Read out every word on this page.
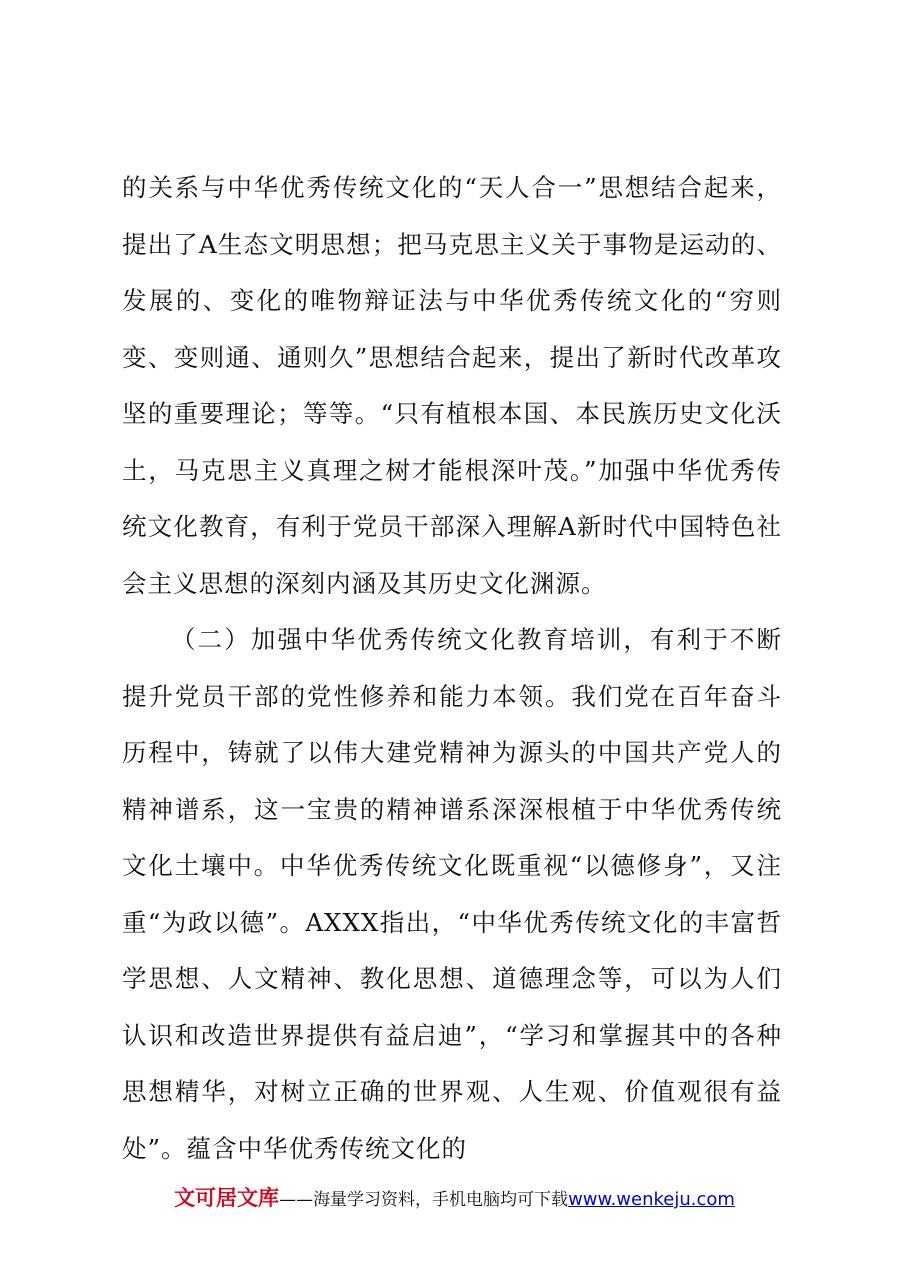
的关系与中华优秀传统文化的“天人合一”思想结合起来，提出了A生态文明思想；把马克思主义关于事物是运动的、发展的、变化的唯物辩证法与中华优秀传统文化的“穷则变、变则通、通则久”思想结合起来，提出了新时代改革攻坚的重要理论；等等。“只有植根本国、本民族历史文化沃土，马克思主义真理之树才能根深叶茂。”加强中华优秀传统文化教育，有利于党员干部深入理解A新时代中国特色社会主义思想的深刻内涵及其历史文化渊源。

（二）加强中华优秀传统文化教育培训，有利于不断提升党员干部的党性修养和能力本领。我们党在百年奋斗历程中，铸就了以伟大建党精神为源头的中国共产党人的精神谱系，这一宝贵的精神谱系深深根植于中华优秀传统文化土壤中。中华优秀传统文化既重视“以德修身”，又注重“为政以德”。AXXX指出，“中华优秀传统文化的丰富哲学思想、人文精神、教化思想、道德理念等，可以为人们认识和改造世界提供有益启迪”，“学习和掌握其中的各种思想精华，对树立正确的世界观、人生观、价值观很有益处”。蕴含中华优秀传统文化的

文可居文库——海量学习资料，手机电脑均可下载www.wenkeju.com
